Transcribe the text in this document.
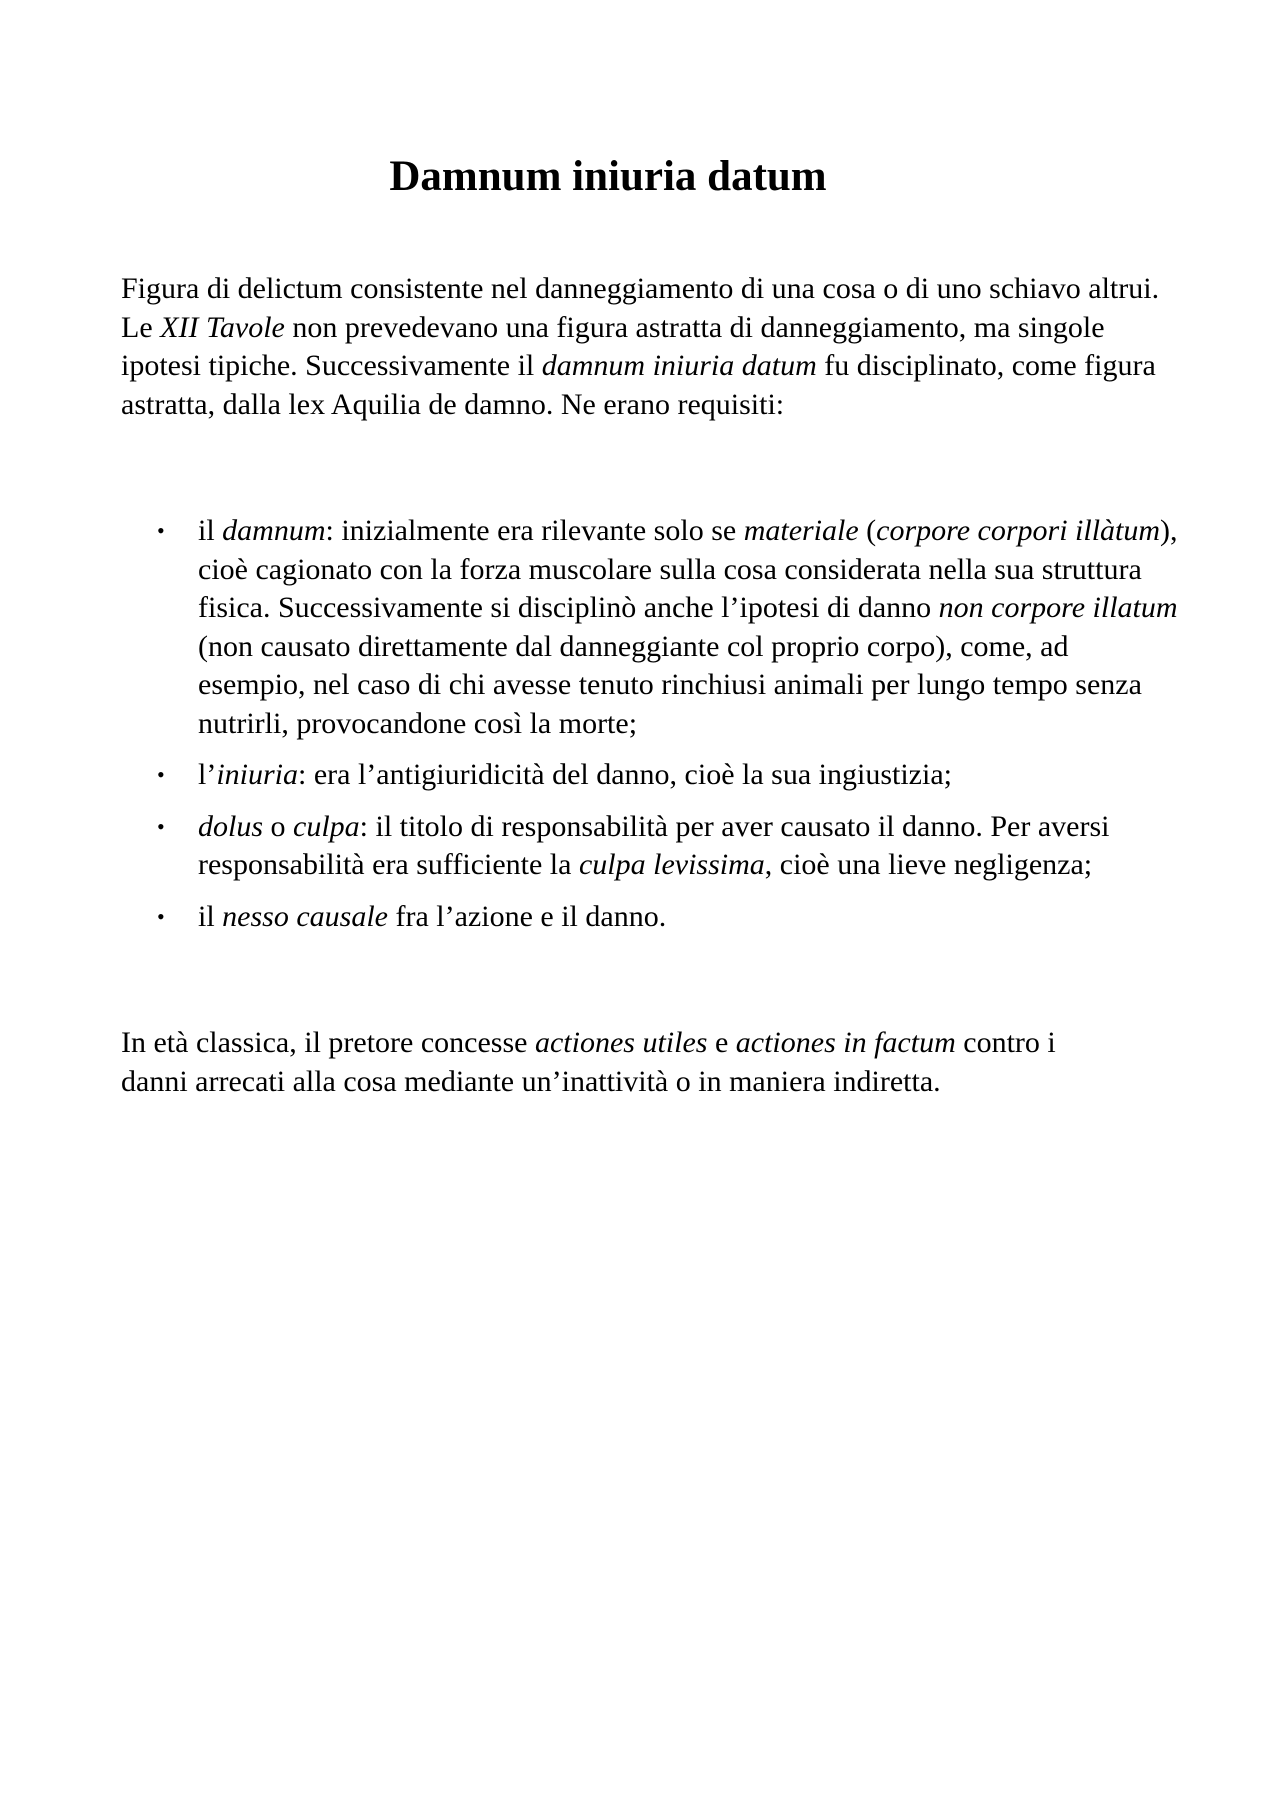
Damnum iniuria datum

Figura di delictum consistente nel danneggiamento di una cosa o di uno schiavo altrui. Le XII Tavole non prevedevano una figura astratta di danneggiamento, ma singole ipotesi tipiche. Successivamente il damnum iniuria datum fu disciplinato, come figura astratta, dalla lex Aquilia de damno. Ne erano requisiti:

• il damnum: inizialmente era rilevante solo se materiale (corpore corpori illàtum), cioè cagionato con la forza muscolare sulla cosa considerata nella sua struttura fisica. Successivamente si disciplinò anche l’ipotesi di danno non corpore illatum (non causato direttamente dal danneggiante col proprio corpo), come, ad esempio, nel caso di chi avesse tenuto rinchiusi animali per lungo tempo senza nutrirli, provocandone così la morte;
• l’iniuria: era l’antigiuridicità del danno, cioè la sua ingiustizia;
• dolus o culpa: il titolo di responsabilità per aver causato il danno. Per aversi responsabilità era sufficiente la culpa levissima, cioè una lieve negligenza;
• il nesso causale fra l’azione e il danno.

In età classica, il pretore concesse actiones utiles e actiones in factum contro i danni arrecati alla cosa mediante un’inattività o in maniera indiretta.
